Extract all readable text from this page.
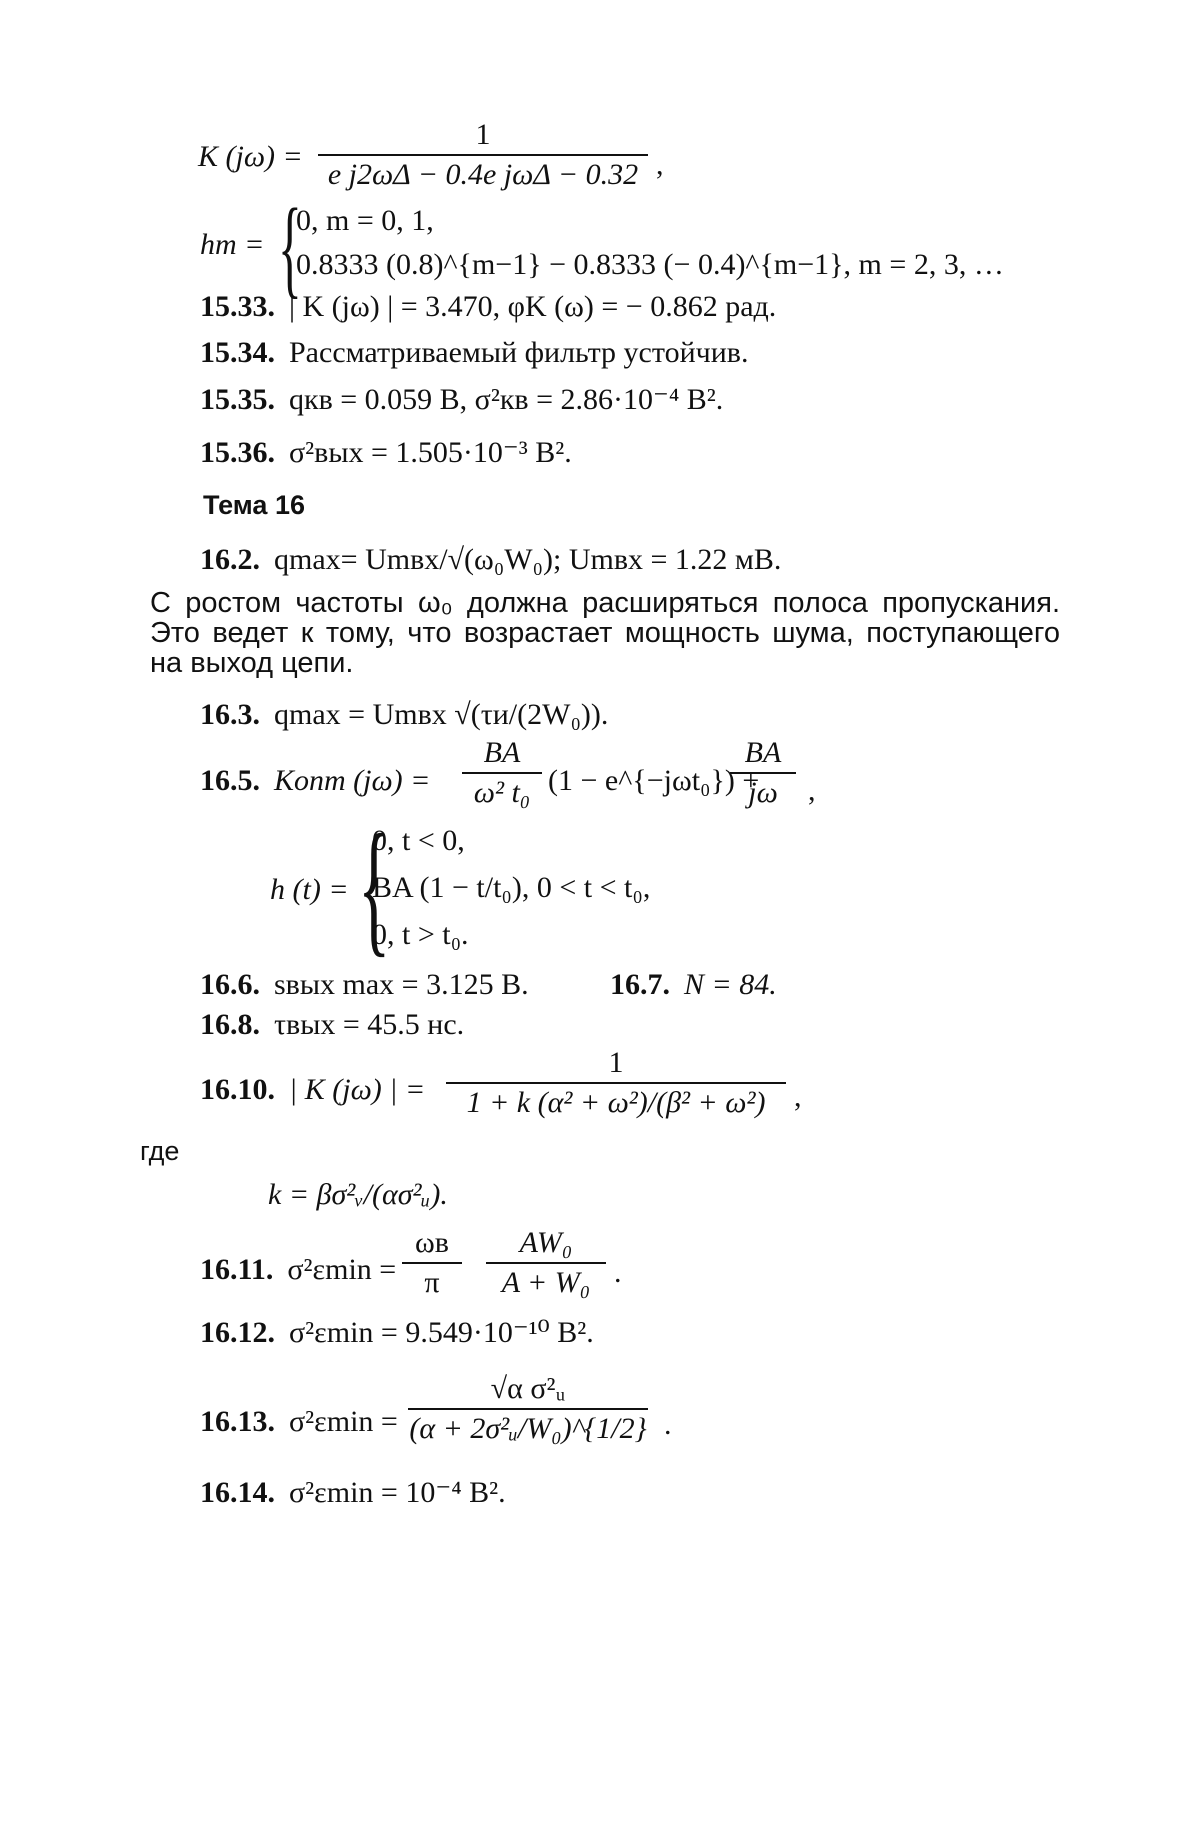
K (jω) =
1
e j2ωΔ − 0.4e jωΔ − 0.32 ,
hm = {
0, m = 0, 1,
0.8333 (0.8)^{m−1} − 0.8333 (− 0.4)^{m−1}, m = 2, 3, …
15.33. | K (jω) | = 3.470, φK (ω) = − 0.862 рад.
15.34. Рассматриваемый фильтр устойчив.
15.35. qкв = 0.059 В, σ²кв = 2.86·10⁻⁴ В².
15.36. σ²вых = 1.505·10⁻³ В².
Тема 16
16.2. qmax= Umвх/√(ω₀W₀); Umвх = 1.22 мВ.
С ростом частоты ω₀ должна расширяться полоса пропускания. Это ведет к тому, что возрастает мощность шума, поступающего на выход цепи.
16.3. qmax = Umвх √(τи/(2W₀)).
16.5. Kопт (jω) =
BA
ω² t₀ (1 − e^{−jωt₀}) +
BA
jω	,
h (t) = {
0, t < 0,
BA (1 − t/t₀), 0 < t < t₀,
0, t > t₀.
16.6. sвых max = 3.125 В.	16.7. N = 84.
16.8. τвых = 45.5 нс.
16.10. | K (jω) | =
1
1 + k (α² + ω²)/(β² + ω²) ,
где
k = βσ²ᵥ/(ασ²ᵤ).
16.11. σ²εmin =
ωв
π
AW₀
A + W₀ .
16.12. σ²εmin = 9.549·10⁻¹⁰ В².
16.13. σ²εmin =
√α σ²ᵤ
(α + 2σ²ᵤ/W₀)^{1/2} .
16.14. σ²εmin = 10⁻⁴ В².
